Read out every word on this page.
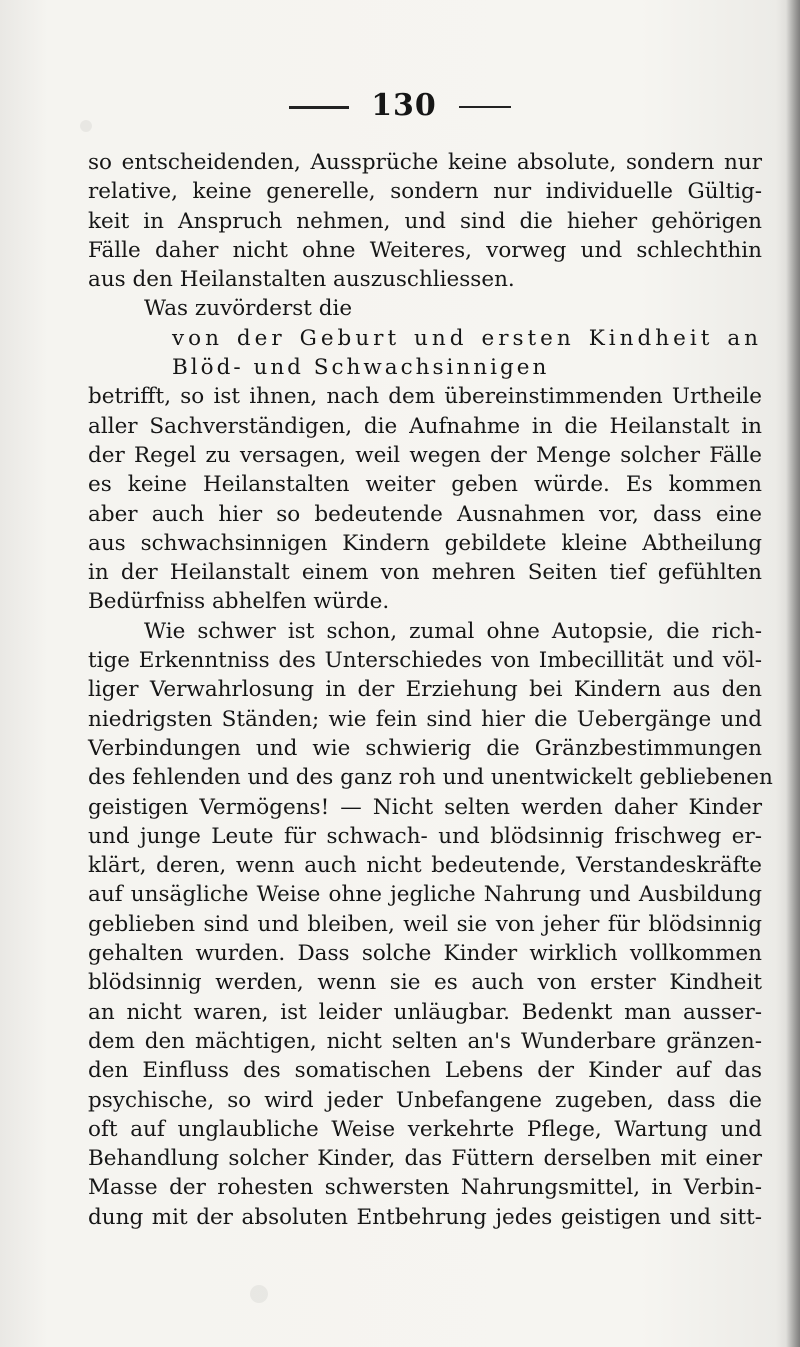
130
so entscheidenden, Aussprüche keine absolute, sondern nur
relative, keine generelle, sondern nur individuelle Gültig-
keit in Anspruch nehmen, und sind die hieher gehörigen
Fälle daher nicht ohne Weiteres, vorweg und schlechthin
aus den Heilanstalten auszuschliessen.
Was zuvörderst die
von der Geburt und ersten Kindheit an
Blöd- und Schwachsinnigen
betrifft, so ist ihnen, nach dem übereinstimmenden Urtheile
aller Sachverständigen, die Aufnahme in die Heilanstalt in
der Regel zu versagen, weil wegen der Menge solcher Fälle
es keine Heilanstalten weiter geben würde. Es kommen
aber auch hier so bedeutende Ausnahmen vor, dass eine
aus schwachsinnigen Kindern gebildete kleine Abtheilung
in der Heilanstalt einem von mehren Seiten tief gefühlten
Bedürfniss abhelfen würde.
Wie schwer ist schon, zumal ohne Autopsie, die rich-
tige Erkenntniss des Unterschiedes von Imbecillität und völ-
liger Verwahrlosung in der Erziehung bei Kindern aus den
niedrigsten Ständen; wie fein sind hier die Uebergänge und
Verbindungen und wie schwierig die Gränzbestimmungen
des fehlenden und des ganz roh und unentwickelt gebliebenen
geistigen Vermögens! — Nicht selten werden daher Kinder
und junge Leute für schwach- und blödsinnig frischweg er-
klärt, deren, wenn auch nicht bedeutende, Verstandeskräfte
auf unsägliche Weise ohne jegliche Nahrung und Ausbildung
geblieben sind und bleiben, weil sie von jeher für blödsinnig
gehalten wurden. Dass solche Kinder wirklich vollkommen
blödsinnig werden, wenn sie es auch von erster Kindheit
an nicht waren, ist leider unläugbar. Bedenkt man ausser-
dem den mächtigen, nicht selten an's Wunderbare gränzen-
den Einfluss des somatischen Lebens der Kinder auf das
psychische, so wird jeder Unbefangene zugeben, dass die
oft auf unglaubliche Weise verkehrte Pflege, Wartung und
Behandlung solcher Kinder, das Füttern derselben mit einer
Masse der rohesten schwersten Nahrungsmittel, in Verbin-
dung mit der absoluten Entbehrung jedes geistigen und sitt-
